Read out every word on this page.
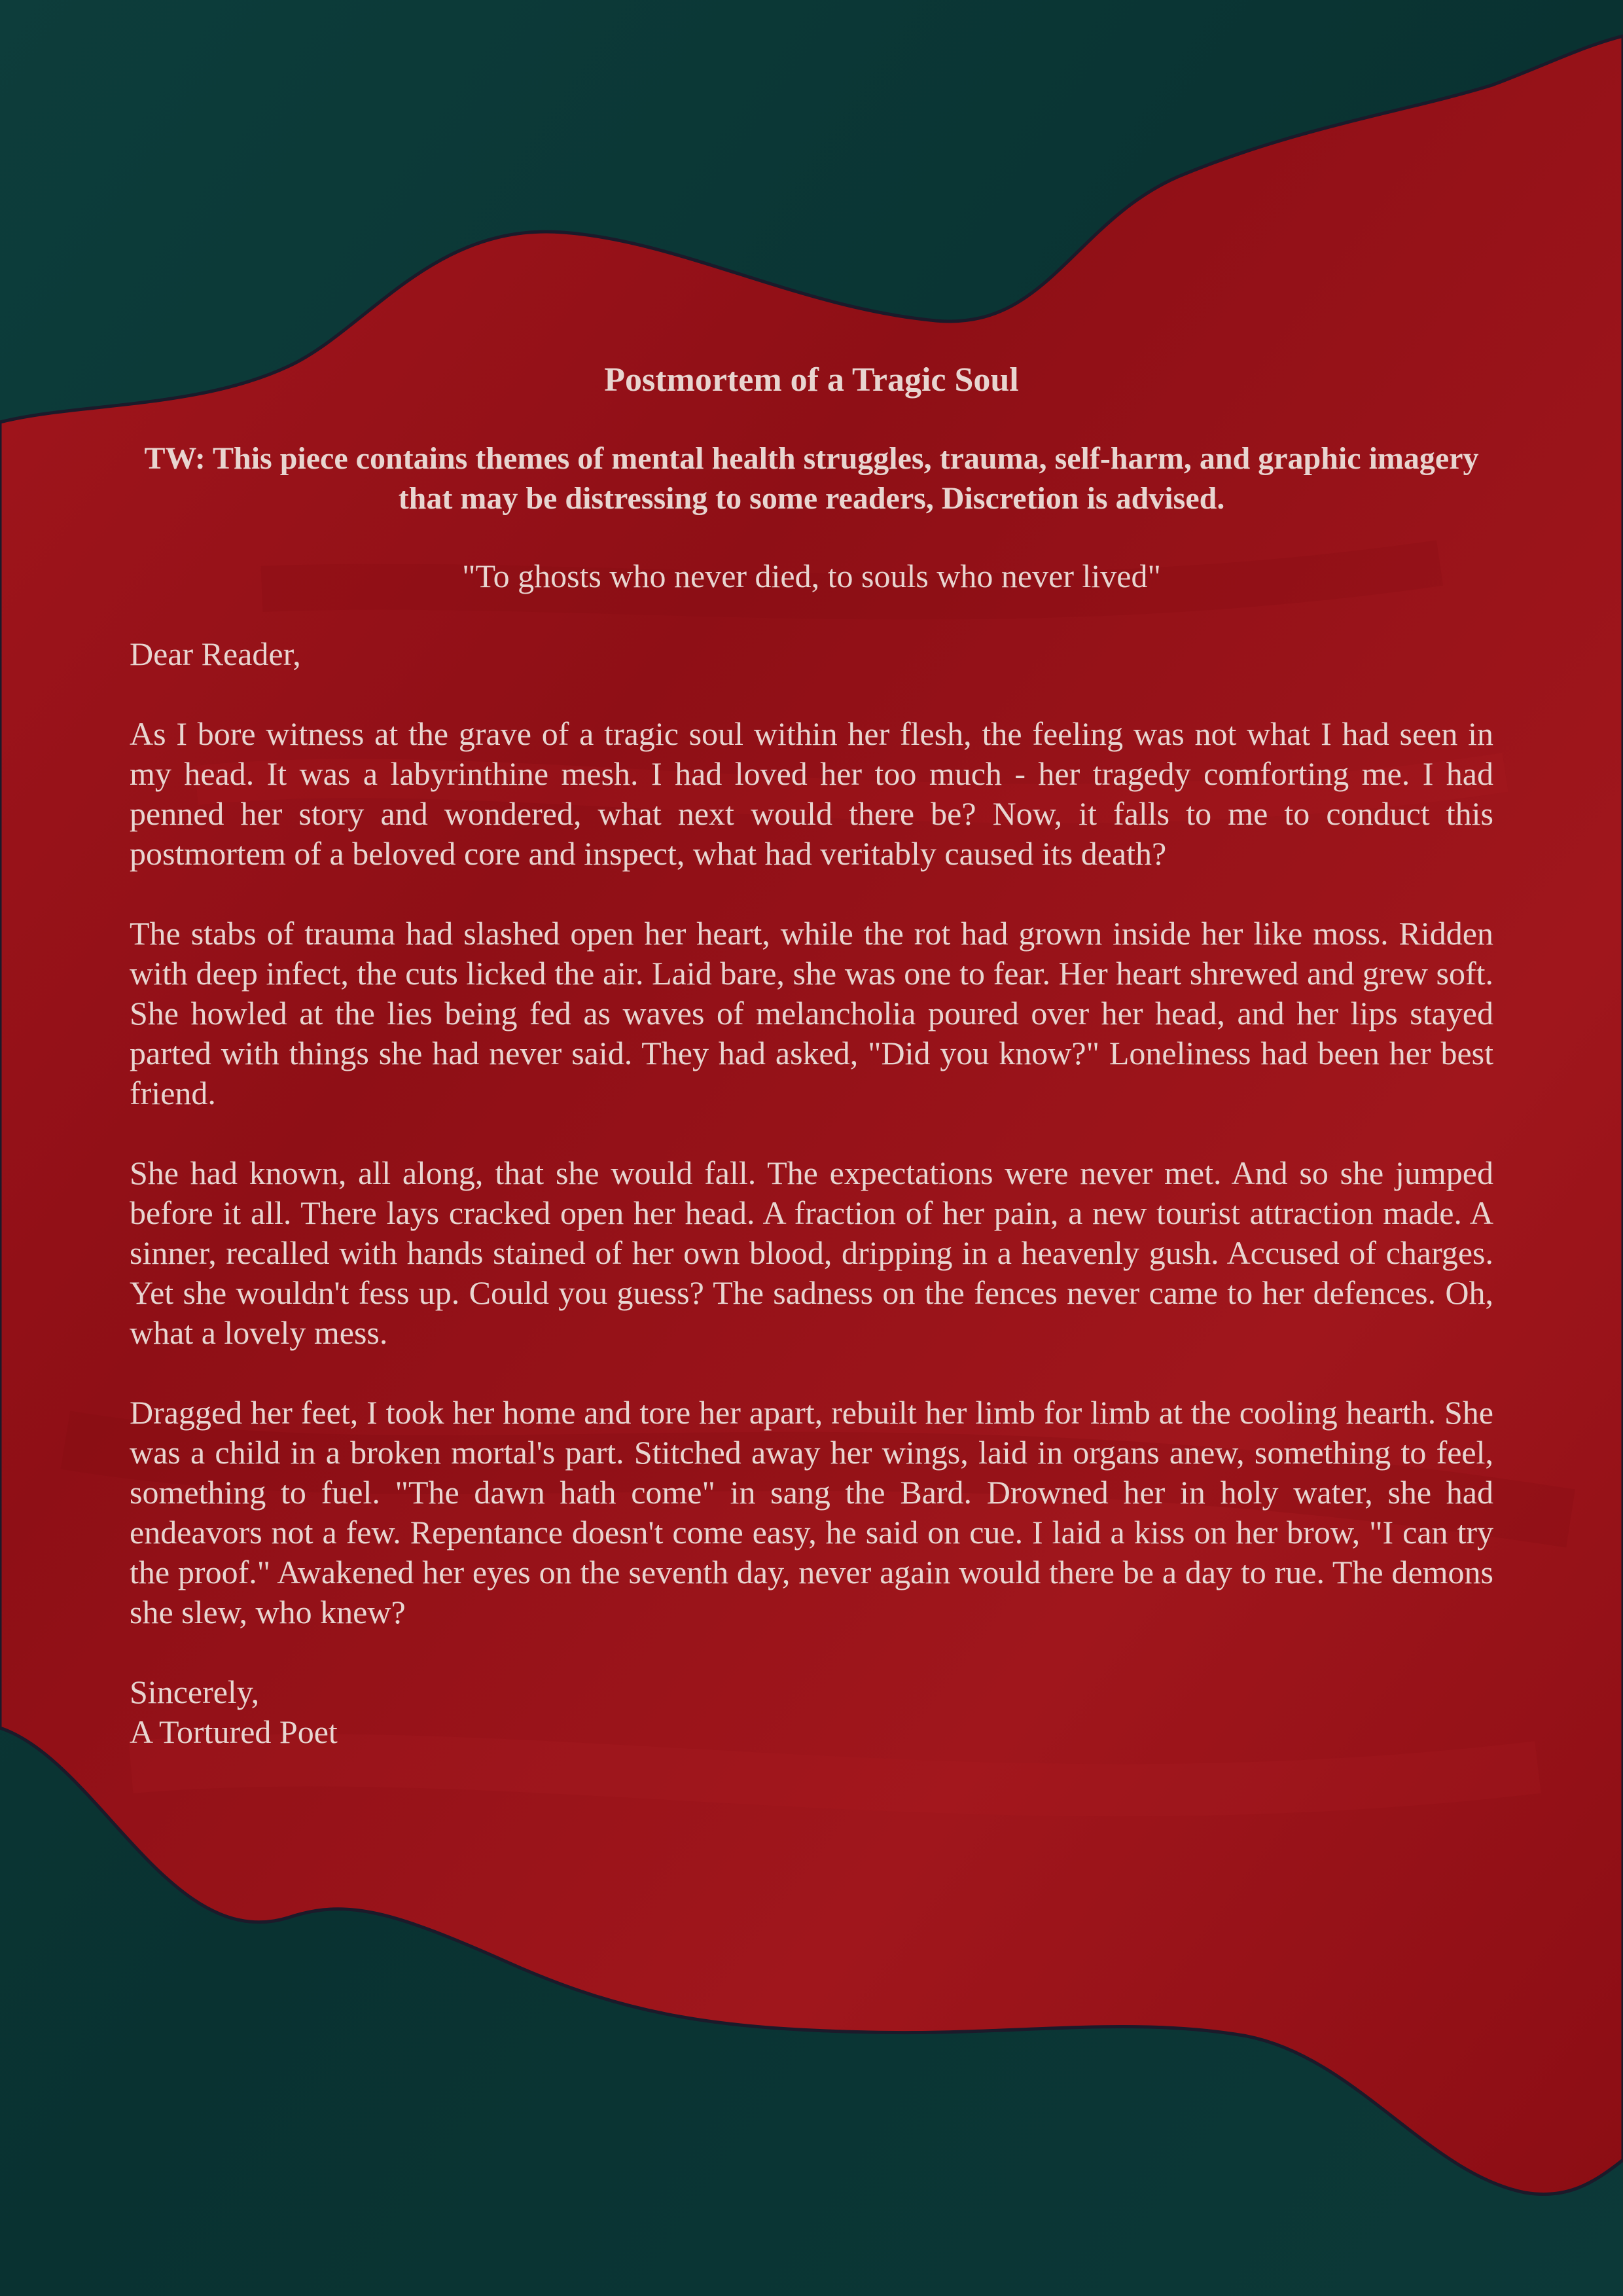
Postmortem of a Tragic Soul
TW: This piece contains themes of mental health struggles, trauma, self-harm, and graphic imagery that may be distressing to some readers, Discretion is advised.
"To ghosts who never died, to souls who never lived"
Dear Reader,
As I bore witness at the grave of a tragic soul within her flesh, the feeling was not what I had seen in my head. It was a labyrinthine mesh. I had loved her too much - her tragedy comforting me. I had penned her story and wondered, what next would there be? Now, it falls to me to conduct this postmortem of a beloved core and inspect, what had veritably caused its death?
The stabs of trauma had slashed open her heart, while the rot had grown inside her like moss. Ridden with deep infect, the cuts licked the air. Laid bare, she was one to fear. Her heart shrewed and grew soft. She howled at the lies being fed as waves of melancholia poured over her head, and her lips stayed parted with things she had never said. They had asked, "Did you know?" Loneliness had been her best friend.
She had known, all along, that she would fall. The expectations were never met. And so she jumped before it all. There lays cracked open her head. A fraction of her pain, a new tourist attraction made. A sinner, recalled with hands stained of her own blood, dripping in a heavenly gush. Accused of charges. Yet she wouldn't fess up. Could you guess? The sadness on the fences never came to her defences. Oh, what a lovely mess.
Dragged her feet, I took her home and tore her apart, rebuilt her limb for limb at the cooling hearth. She was a child in a broken mortal's part. Stitched away her wings, laid in organs anew, something to feel, something to fuel. "The dawn hath come" in sang the Bard. Drowned her in holy water, she had endeavors not a few. Repentance doesn't come easy, he said on cue. I laid a kiss on her brow, "I can try the proof." Awakened her eyes on the seventh day, never again would there be a day to rue. The demons she slew, who knew?
Sincerely,
A Tortured Poet
